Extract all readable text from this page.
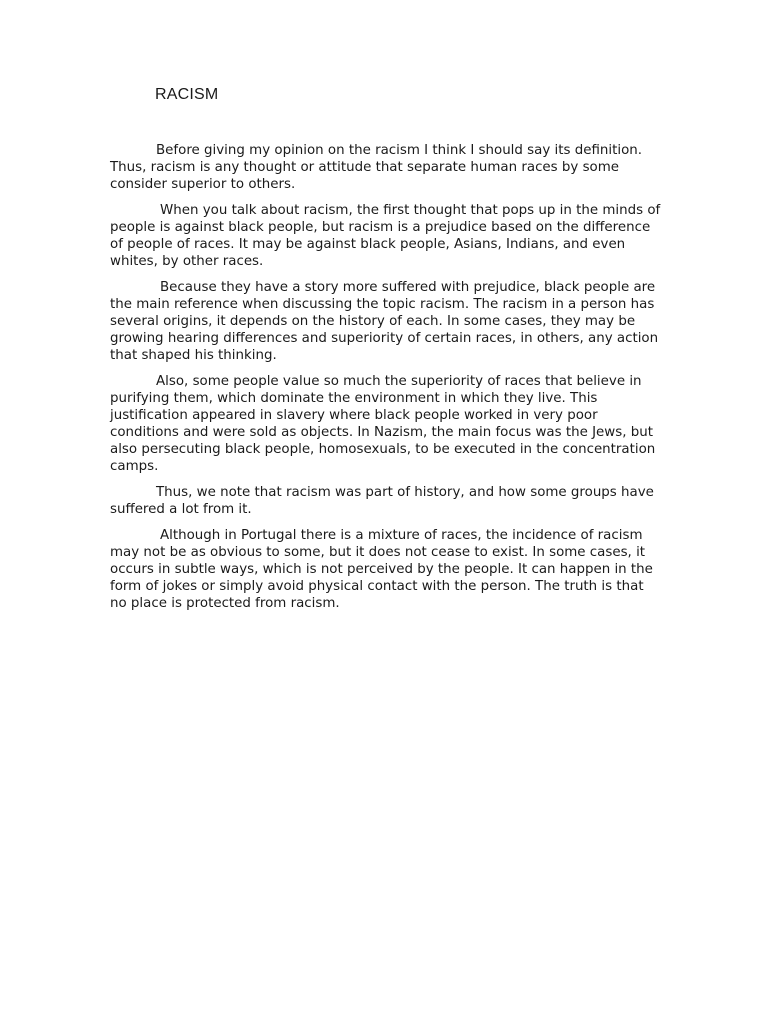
RACISM

Before giving my opinion on the racism I think I should say its definition. Thus, racism is any thought or attitude that separate human races by some consider superior to others.

When you talk about racism, the first thought that pops up in the minds of people is against black people, but racism is a prejudice based on the difference of people of races. It may be against black people, Asians, Indians, and even whites, by other races.

Because they have a story more suffered with prejudice, black people are the main reference when discussing the topic racism. The racism in a person has several origins, it depends on the history of each. In some cases, they may be growing hearing differences and superiority of certain races, in others, any action that shaped his thinking.

Also, some people value so much the superiority of races that believe in purifying them, which dominate the environment in which they live. This justification appeared in slavery where black people worked in very poor conditions and were sold as objects. In Nazism, the main focus was the Jews, but also persecuting black people, homosexuals, to be executed in the concentration camps.

Thus, we note that racism was part of history, and how some groups have suffered a lot from it.

Although in Portugal there is a mixture of races, the incidence of racism may not be as obvious to some, but it does not cease to exist. In some cases, it occurs in subtle ways, which is not perceived by the people. It can happen in the form of jokes or simply avoid physical contact with the person. The truth is that no place is protected from racism.
